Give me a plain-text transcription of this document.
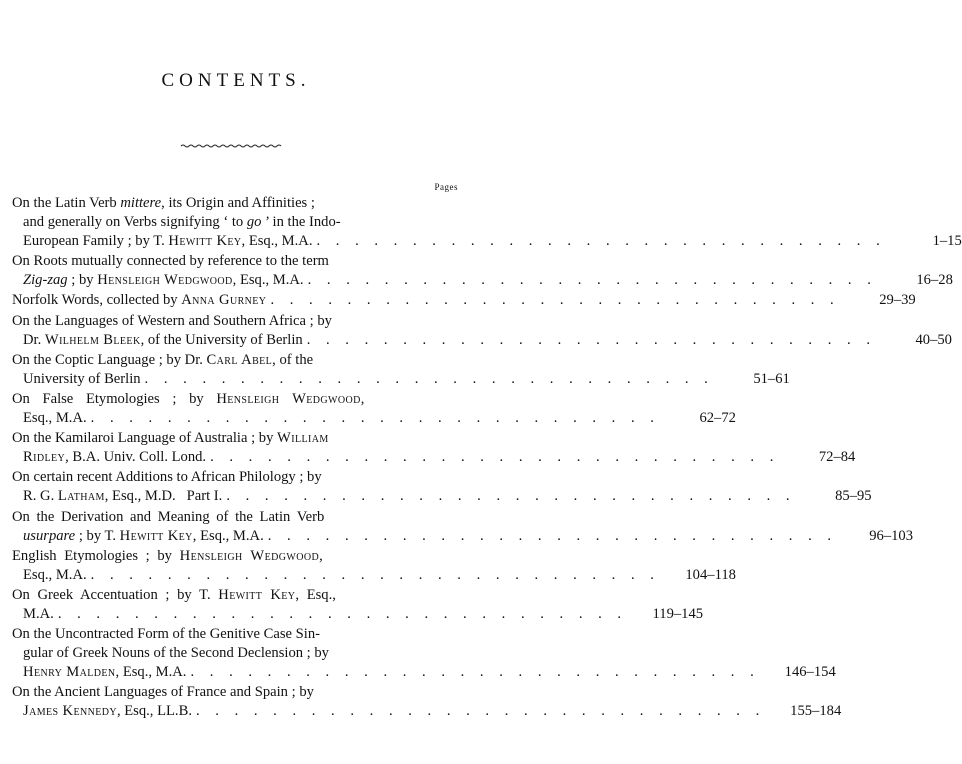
CONTENTS.
Pages
On the Latin Verb mittere, its Origin and Affinities ;
and generally on Verbs signifying ‘ to go ’ in the Indo-
European Family ; by T. Hewitt Key, Esq., M.A. . . . . . . . . . . . . . . . . . . . . . . . . . . . . . .	1–15
On Roots mutually connected by reference to the term
Zig-zag ; by Hensleigh Wedgwood, Esq., M.A. . . . . . . . . . . . . . . . . . . . . . . . . . . . . . .	16–28
Norfolk Words, collected by Anna Gurney . . . . . . . . . . . . . . . . . . . . . . . . . . . . . .	29–39
On the Languages of Western and Southern Africa ; by
Dr. Wilhelm Bleek, of the University of Berlin . . . . . . . . . . . . . . . . . . . . . . . . . . . . . .	40–50
On the Coptic Language ; by Dr. Carl Abel, of the
University of Berlin . . . . . . . . . . . . . . . . . . . . . . . . . . . . . .	51–61
On False Etymologies ; by Hensleigh Wedgwood,
Esq., M.A. . . . . . . . . . . . . . . . . . . . . . . . . . . . . . .	62–72
On the Kamilaroi Language of Australia ; by William
Ridley, B.A. Univ. Coll. Lond. . . . . . . . . . . . . . . . . . . . . . . . . . . . . . .	72–84
On certain recent Additions to African Philology ; by
R. G. Latham, Esq., M.D.   Part I. . . . . . . . . . . . . . . . . . . . . . . . . . . . . . .	85–95
On the Derivation and Meaning of the Latin Verb
usurpare ; by T. Hewitt Key, Esq., M.A. . . . . . . . . . . . . . . . . . . . . . . . . . . . . . .	96–103
English Etymologies ; by Hensleigh Wedgwood,
Esq., M.A. . . . . . . . . . . . . . . . . . . . . . . . . . . . . . .	104–118
On Greek Accentuation ; by T. Hewitt Key, Esq.,
M.A. . . . . . . . . . . . . . . . . . . . . . . . . . . . . . .	119–145
On the Uncontracted Form of the Genitive Case Sin-
gular of Greek Nouns of the Second Declension ; by
Henry Malden, Esq., M.A. . . . . . . . . . . . . . . . . . . . . . . . . . . . . . .	146–154
On the Ancient Languages of France and Spain ; by
James Kennedy, Esq., LL.B. . . . . . . . . . . . . . . . . . . . . . . . . . . . . . .	155–184
